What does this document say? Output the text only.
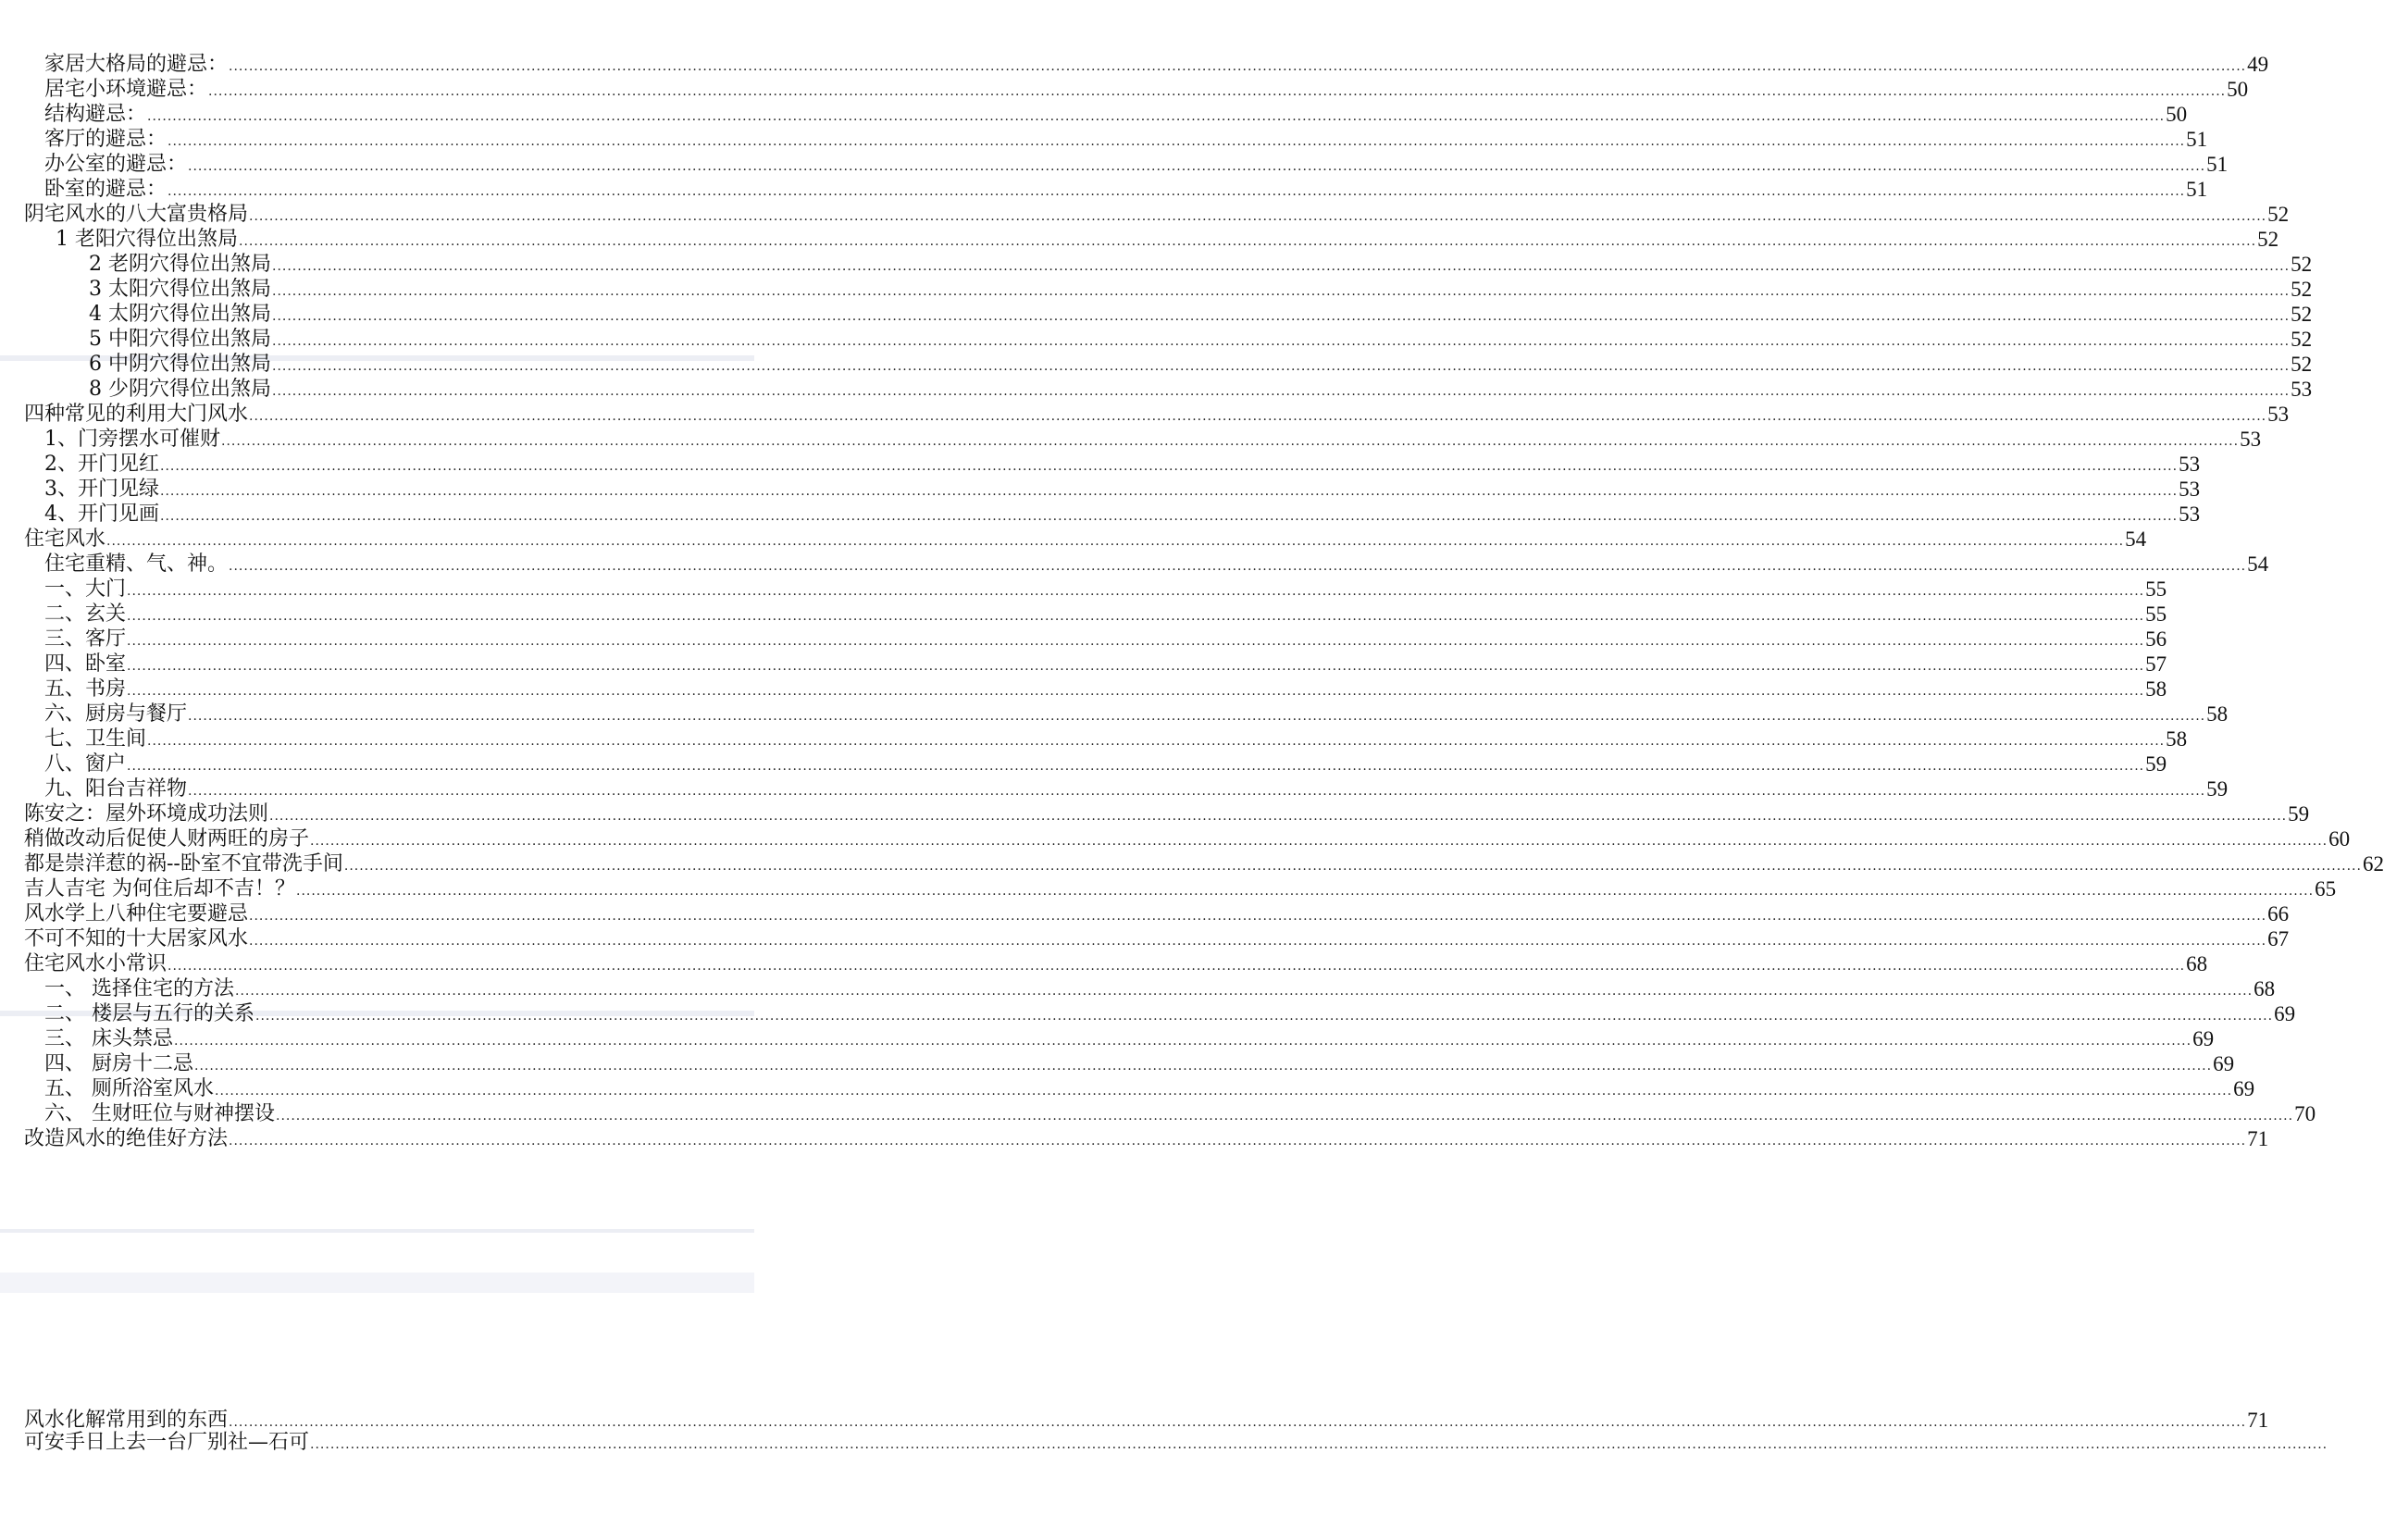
家居大格局的避忌： ................................................................................................................................................................................................................................................................................................................................................................................................................ 49
居宅小环境避忌： ................................................................................................................................................................................................................................................................................................................................................................................................................ 50
结构避忌： ................................................................................................................................................................................................................................................................................................................................................................................................................ 50
客厅的避忌： ................................................................................................................................................................................................................................................................................................................................................................................................................ 51
办公室的避忌： ................................................................................................................................................................................................................................................................................................................................................................................................................ 51
卧室的避忌： ................................................................................................................................................................................................................................................................................................................................................................................................................ 51
阴宅风水的八大富贵格局 ................................................................................................................................................................................................................................................................................................................................................................................................................ 52
1 老阳穴得位出煞局 ................................................................................................................................................................................................................................................................................................................................................................................................................ 52
2 老阴穴得位出煞局 ................................................................................................................................................................................................................................................................................................................................................................................................................ 52
3 太阳穴得位出煞局 ................................................................................................................................................................................................................................................................................................................................................................................................................ 52
4 太阴穴得位出煞局 ................................................................................................................................................................................................................................................................................................................................................................................................................ 52
5 中阳穴得位出煞局 ................................................................................................................................................................................................................................................................................................................................................................................................................ 52
6 中阴穴得位出煞局 ................................................................................................................................................................................................................................................................................................................................................................................................................ 52
8 少阴穴得位出煞局 ................................................................................................................................................................................................................................................................................................................................................................................................................ 53
四种常见的利用大门风水 ................................................................................................................................................................................................................................................................................................................................................................................................................ 53
1、门旁摆水可催财 ................................................................................................................................................................................................................................................................................................................................................................................................................ 53
2、开门见红 ................................................................................................................................................................................................................................................................................................................................................................................................................ 53
3、开门见绿 ................................................................................................................................................................................................................................................................................................................................................................................................................ 53
4、开门见画 ................................................................................................................................................................................................................................................................................................................................................................................................................ 53
住宅风水 ................................................................................................................................................................................................................................................................................................................................................................................................................ 54
住宅重精、气、神。 ................................................................................................................................................................................................................................................................................................................................................................................................................ 54
一、大门 ................................................................................................................................................................................................................................................................................................................................................................................................................ 55
二、玄关 ................................................................................................................................................................................................................................................................................................................................................................................................................ 55
三、客厅 ................................................................................................................................................................................................................................................................................................................................................................................................................ 56
四、卧室 ................................................................................................................................................................................................................................................................................................................................................................................................................ 57
五、书房 ................................................................................................................................................................................................................................................................................................................................................................................................................ 58
六、厨房与餐厅 ................................................................................................................................................................................................................................................................................................................................................................................................................ 58
七、卫生间 ................................................................................................................................................................................................................................................................................................................................................................................................................ 58
八、窗户 ................................................................................................................................................................................................................................................................................................................................................................................................................ 59
九、阳台吉祥物 ................................................................................................................................................................................................................................................................................................................................................................................................................ 59
陈安之：屋外环境成功法则 ................................................................................................................................................................................................................................................................................................................................................................................................................ 59
稍做改动后促使人财两旺的房子 ................................................................................................................................................................................................................................................................................................................................................................................................................ 60
都是崇洋惹的祸--卧室不宜带洗手间 ................................................................................................................................................................................................................................................................................................................................................................................................................ 62
吉人吉宅 为何住后却不吉！？ ................................................................................................................................................................................................................................................................................................................................................................................................................ 65
风水学上八种住宅要避忌 ................................................................................................................................................................................................................................................................................................................................................................................................................ 66
不可不知的十大居家风水 ................................................................................................................................................................................................................................................................................................................................................................................................................ 67
住宅风水小常识 ................................................................................................................................................................................................................................................................................................................................................................................................................ 68
一、 选择住宅的方法 ................................................................................................................................................................................................................................................................................................................................................................................................................ 68
二、 楼层与五行的关系 ................................................................................................................................................................................................................................................................................................................................................................................................................ 69
三、 床头禁忌 ................................................................................................................................................................................................................................................................................................................................................................................................................ 69
四、 厨房十二忌 ................................................................................................................................................................................................................................................................................................................................................................................................................ 69
五、 厕所浴室风水 ................................................................................................................................................................................................................................................................................................................................................................................................................ 69
六、 生财旺位与财神摆设 ................................................................................................................................................................................................................................................................................................................................................................................................................ 70
改造风水的绝佳好方法 ................................................................................................................................................................................................................................................................................................................................................................................................................ 71
风水化解常用到的东西 ................................................................................................................................................................................................................................................................................................................................................................................................................ 71
可安手日上去一台厂别社—石可 ................................................................................................................................................................................................................................................................................................................................................................................................................
